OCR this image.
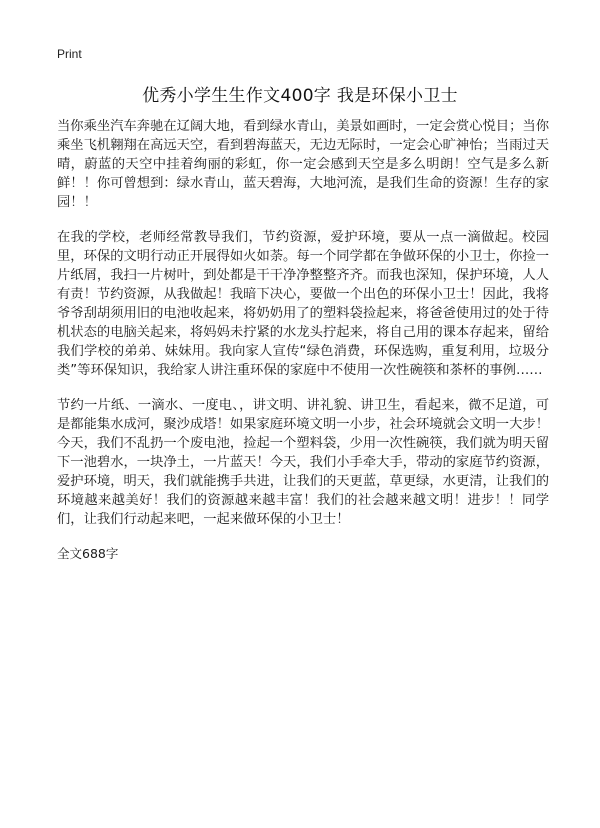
Print
优秀小学生生作文400字 我是环保小卫士

当你乘坐汽车奔驰在辽阔大地，看到绿水青山，美景如画时，一定会赏心悦目；当你乘坐飞机翱翔在高远天空，看到碧海蓝天，无边无际时，一定会心旷神怡；当雨过天晴，蔚蓝的天空中挂着绚丽的彩虹，你一定会感到天空是多么明朗！空气是多么新鲜！！你可曾想到：绿水青山，蓝天碧海，大地河流，是我们生命的资源！生存的家园！！

在我的学校，老师经常教导我们，节约资源，爱护环境，要从一点一滴做起。校园里，环保的文明行动正开展得如火如荼。每一个同学都在争做环保的小卫士，你捡一片纸屑，我扫一片树叶，到处都是干干净净整整齐齐。而我也深知，保护环境，人人有责！节约资源，从我做起！我暗下决心，要做一个出色的环保小卫士！因此，我将爷爷刮胡须用旧的电池收起来，将奶奶用了的塑料袋捡起来，将爸爸使用过的处于待机状态的电脑关起来，将妈妈未拧紧的水龙头拧起来，将自己用的课本存起来，留给我们学校的弟弟、妹妹用。我向家人宣传“绿色消费，环保选购，重复利用，垃圾分类”等环保知识，我给家人讲注重环保的家庭中不使用一次性碗筷和茶杯的事例……

节约一片纸、一滴水、一度电、，讲文明、讲礼貌、讲卫生，看起来，微不足道，可是都能集水成河，聚沙成塔！如果家庭环境文明一小步，社会环境就会文明一大步！今天，我们不乱扔一个废电池，捡起一个塑料袋，少用一次性碗筷，我们就为明天留下一池碧水，一块净土，一片蓝天！今天，我们小手牵大手，带动的家庭节约资源，爱护环境，明天，我们就能携手共进，让我们的天更蓝，草更绿，水更清，让我们的环境越来越美好！我们的资源越来越丰富！我们的社会越来越文明！进步！！同学们，让我们行动起来吧，一起来做环保的小卫士！

全文688字
